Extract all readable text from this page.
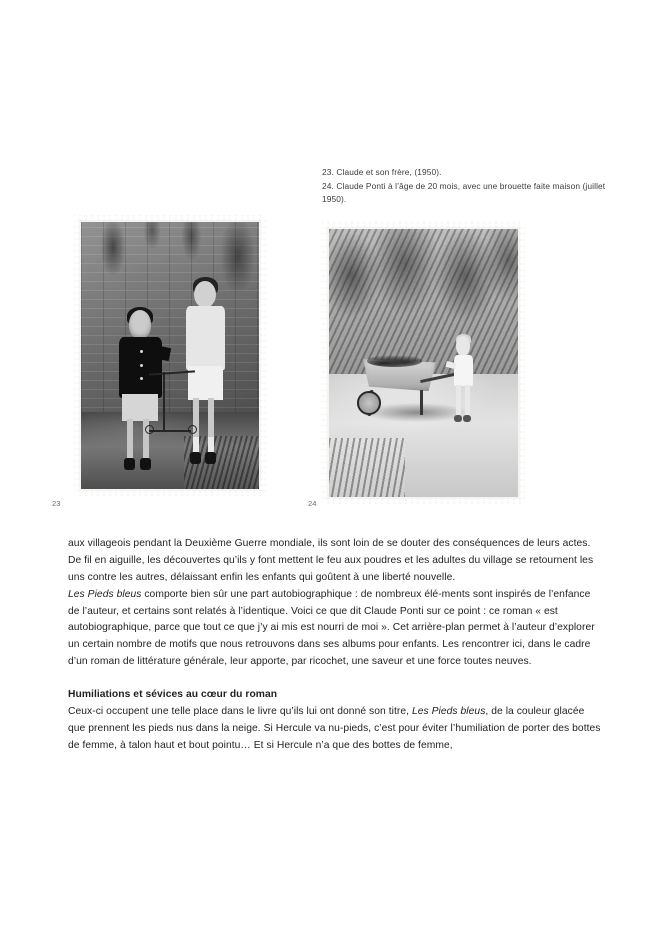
23. Claude et son frère, (1950).
24. Claude Ponti à l’âge de 20 mois, avec une brouette faite maison (juillet 1950).
23	24

aux villageois pendant la Deuxième Guerre mondiale, ils sont loin de se douter des conséquences de leurs actes. De fil en aiguille, les découvertes qu’ils y font mettent le feu aux poudres et les adultes du village se retournent les uns contre les autres, délaissant enfin les enfants qui goûtent à une liberté nouvelle.

Les Pieds bleus comporte bien sûr une part autobiographique : de nombreux élé-ments sont inspirés de l’enfance de l’auteur, et certains sont relatés à l’identique. Voici ce que dit Claude Ponti sur ce point : ce roman « est autobiographique, parce que tout ce que j’y ai mis est nourri de moi ». Cet arrière-plan permet à l’auteur d’explorer un certain nombre de motifs que nous retrouvons dans ses albums pour enfants. Les rencontrer ici, dans le cadre d’un roman de littérature générale, leur apporte, par ricochet, une saveur et une force toutes neuves.

Humiliations et sévices au cœur du roman

Ceux-ci occupent une telle place dans le livre qu’ils lui ont donné son titre, Les Pieds bleus, de la couleur glacée que prennent les pieds nus dans la neige. Si Hercule va nu-pieds, c’est pour éviter l’humiliation de porter des bottes de femme, à talon haut et bout pointu… Et si Hercule n’a que des bottes de femme,
